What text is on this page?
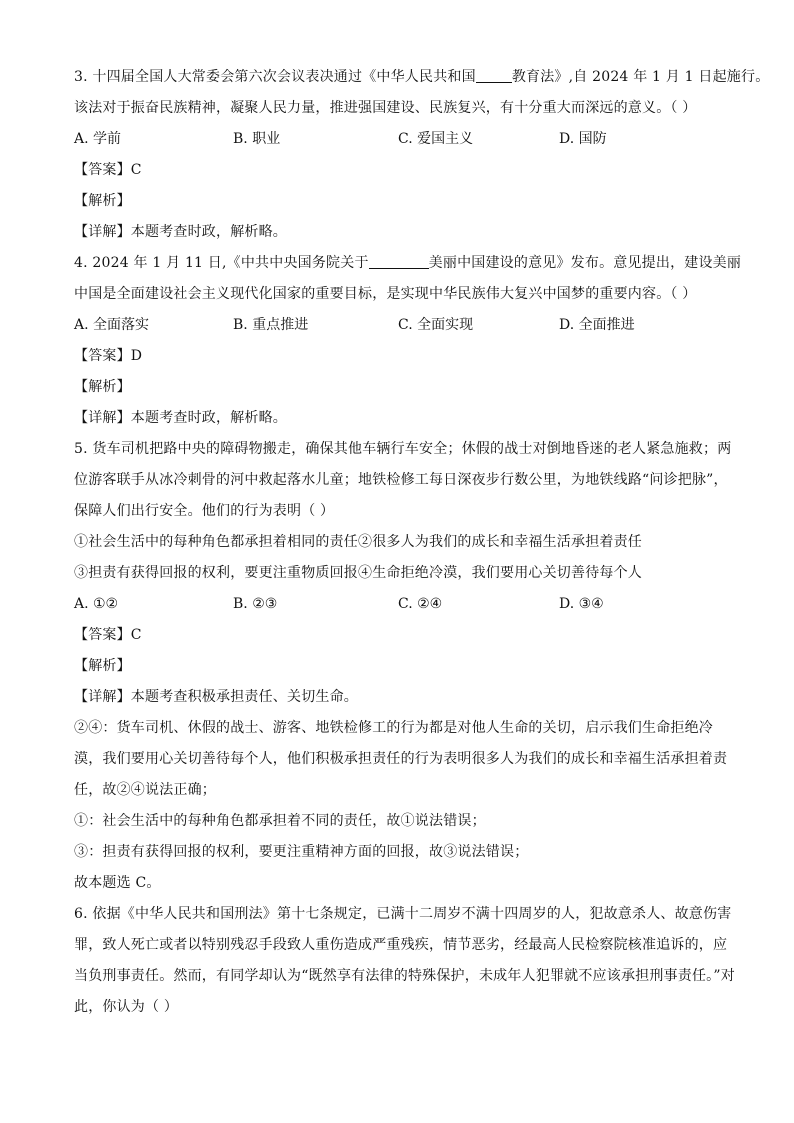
3. 十四届全国人大常委会第六次会议表决通过《中华人民共和国	教育法》,自 2024 年 1 月 1 日起施行。
该法对于振奋民族精神，凝聚人民力量，推进强国建设、民族复兴，有十分重大而深远的意义。（ ）
A. 学前	B. 职业	C. 爱国主义	D. 国防
【答案】C
【解析】
【详解】本题考查时政，解析略。
4. 2024 年 1 月 11 日,《中共中央国务院关于	美丽中国建设的意见》发布。意见提出，建设美丽
中国是全面建设社会主义现代化国家的重要目标，是实现中华民族伟大复兴中国梦的重要内容。（ ）
A. 全面落实	B. 重点推进	C. 全面实现	D. 全面推进
【答案】D
【解析】
【详解】本题考查时政，解析略。
5. 货车司机把路中央的障碍物搬走，确保其他车辆行车安全；休假的战士对倒地昏迷的老人紧急施救；两
位游客联手从冰冷刺骨的河中救起落水儿童；地铁检修工每日深夜步行数公里，为地铁线路“问诊把脉”，
保障人们出行安全。他们的行为表明（ ）
①社会生活中的每种角色都承担着相同的责任②很多人为我们的成长和幸福生活承担着责任
③担责有获得回报的权利，要更注重物质回报④生命拒绝冷漠，我们要用心关切善待每个人
A. ①②	B. ②③	C. ②④	D. ③④
【答案】C
【解析】
【详解】本题考查积极承担责任、关切生命。
②④：货车司机、休假的战士、游客、地铁检修工的行为都是对他人生命的关切，启示我们生命拒绝冷
漠，我们要用心关切善待每个人，他们积极承担责任的行为表明很多人为我们的成长和幸福生活承担着责
任，故②④说法正确；
①：社会生活中的每种角色都承担着不同的责任，故①说法错误；
③：担责有获得回报的权利，要更注重精神方面的回报，故③说法错误；
故本题选 C。
6. 依据《中华人民共和国刑法》第十七条规定，已满十二周岁不满十四周岁的人，犯故意杀人、故意伤害
罪，致人死亡或者以特别残忍手段致人重伤造成严重残疾，情节恶劣，经最高人民检察院核准追诉的，应
当负刑事责任。然而，有同学却认为“既然享有法律的特殊保护，未成年人犯罪就不应该承担刑事责任。”对
此，你认为（ ）
